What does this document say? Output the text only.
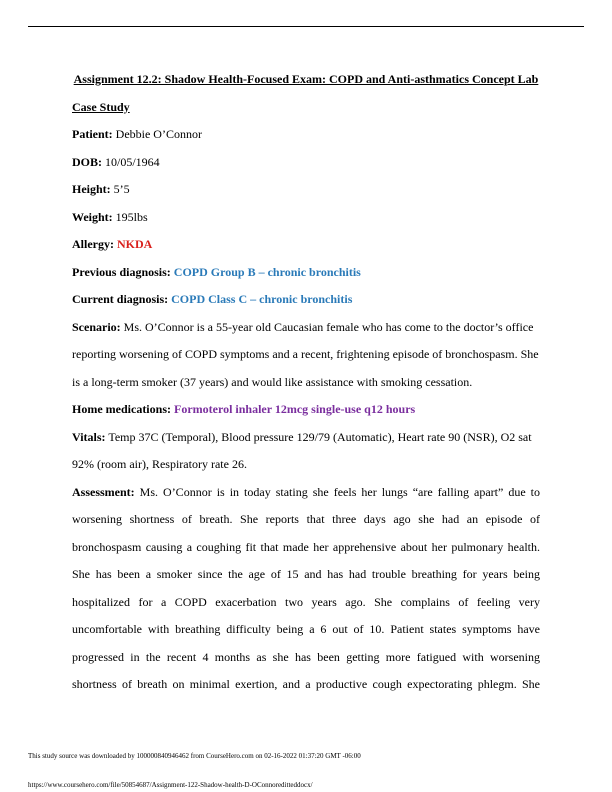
Assignment 12.2: Shadow Health-Focused Exam: COPD and Anti-asthmatics Concept Lab
Case Study
Patient: Debbie O’Connor
DOB: 10/05/1964
Height: 5’5
Weight: 195lbs
Allergy: NKDA
Previous diagnosis: COPD Group B – chronic bronchitis
Current diagnosis: COPD Class C – chronic bronchitis
Scenario: Ms. O’Connor is a 55-year old Caucasian female who has come to the doctor’s office
reporting worsening of COPD symptoms and a recent, frightening episode of bronchospasm. She
is a long-term smoker (37 years) and would like assistance with smoking cessation.
Home medications: Formoterol inhaler 12mcg single-use q12 hours
Vitals: Temp 37C (Temporal), Blood pressure 129/79 (Automatic), Heart rate 90 (NSR), O2 sat
92% (room air), Respiratory rate 26.
Assessment: Ms. O’Connor is in today stating she feels her lungs “are falling apart” due to
worsening shortness of breath. She reports that three days ago she had an episode of
bronchospasm causing a coughing fit that made her apprehensive about her pulmonary health.
She has been a smoker since the age of 15 and has had trouble breathing for years being
hospitalized for a COPD exacerbation two years ago. She complains of feeling very
uncomfortable with breathing difficulty being a 6 out of 10. Patient states symptoms have
progressed in the recent 4 months as she has been getting more fatigued with worsening
shortness of breath on minimal exertion, and a productive cough expectorating phlegm. She
This study source was downloaded by 100000840946462 from CourseHero.com on 02-16-2022 01:37:20 GMT -06:00
https://www.coursehero.com/file/50854687/Assignment-122-Shadow-health-D-OConnoreditteddocx/
